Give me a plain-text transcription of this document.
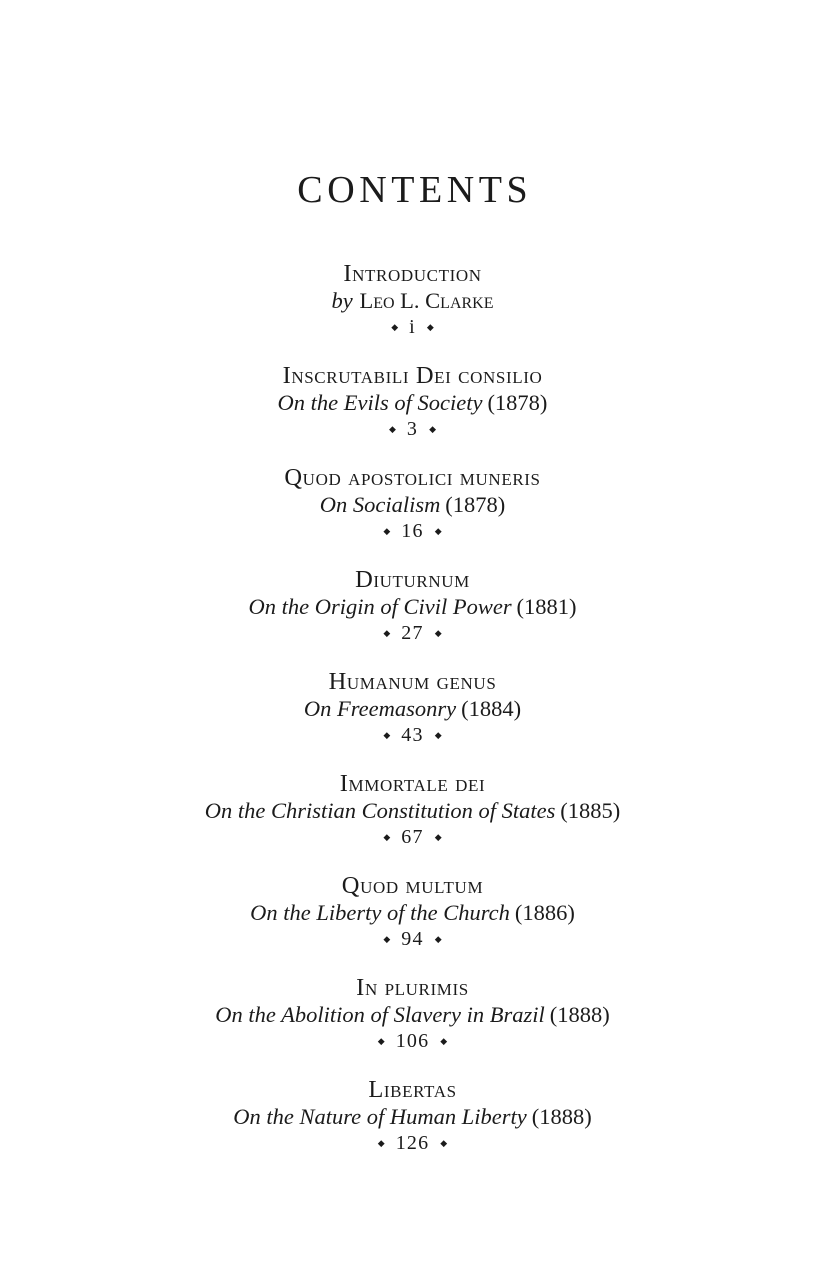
CONTENTS
Introduction
by Leo L. Clarke
◆ i ◆
Inscrutabili Dei consilio
On the Evils of Society (1878)
◆ 3 ◆
Quod apostolici muneris
On Socialism (1878)
◆ 16 ◆
Diuturnum
On the Origin of Civil Power (1881)
◆ 27 ◆
Humanum genus
On Freemasonry (1884)
◆ 43 ◆
Immortale dei
On the Christian Constitution of States (1885)
◆ 67 ◆
Quod multum
On the Liberty of the Church (1886)
◆ 94 ◆
In plurimis
On the Abolition of Slavery in Brazil (1888)
◆ 106 ◆
Libertas
On the Nature of Human Liberty (1888)
◆ 126 ◆
